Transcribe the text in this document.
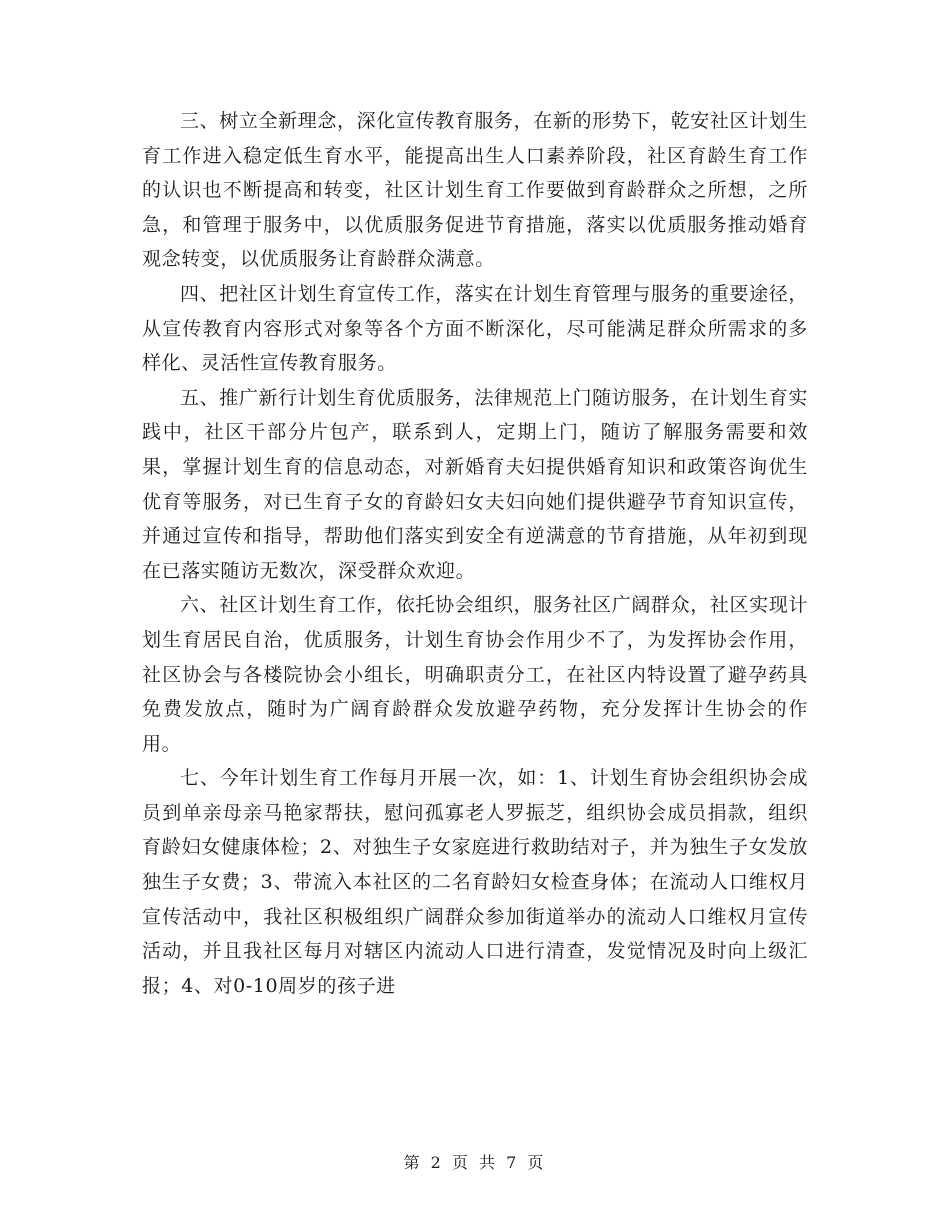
三、树立全新理念，深化宣传教育服务，在新的形势下，乾安社区计划生育工作进入稳定低生育水平，能提高出生人口素养阶段，社区育龄生育工作的认识也不断提高和转变，社区计划生育工作要做到育龄群众之所想，之所急，和管理于服务中，以优质服务促进节育措施，落实以优质服务推动婚育观念转变，以优质服务让育龄群众满意。

四、把社区计划生育宣传工作，落实在计划生育管理与服务的重要途径，从宣传教育内容形式对象等各个方面不断深化，尽可能满足群众所需求的多样化、灵活性宣传教育服务。

五、推广新行计划生育优质服务，法律规范上门随访服务，在计划生育实践中，社区干部分片包产，联系到人，定期上门，随访了解服务需要和效果，掌握计划生育的信息动态，对新婚育夫妇提供婚育知识和政策咨询优生优育等服务，对已生育子女的育龄妇女夫妇向她们提供避孕节育知识宣传，并通过宣传和指导，帮助他们落实到安全有逆满意的节育措施，从年初到现在已落实随访无数次，深受群众欢迎。

六、社区计划生育工作，依托协会组织，服务社区广阔群众，社区实现计划生育居民自治，优质服务，计划生育协会作用少不了，为发挥协会作用，社区协会与各楼院协会小组长，明确职责分工，在社区内特设置了避孕药具免费发放点，随时为广阔育龄群众发放避孕药物，充分发挥计生协会的作用。

七、今年计划生育工作每月开展一次，如：1、计划生育协会组织协会成员到单亲母亲马艳家帮扶，慰问孤寡老人罗振芝，组织协会成员捐款，组织育龄妇女健康体检；2、对独生子女家庭进行救助结对子，并为独生子女发放独生子女费；3、带流入本社区的二名育龄妇女检查身体；在流动人口维权月宣传活动中，我社区积极组织广阔群众参加街道举办的流动人口维权月宣传活动，并且我社区每月对辖区内流动人口进行清查，发觉情况及时向上级汇报；4、对0-10周岁的孩子进

第 2 页 共 7 页
